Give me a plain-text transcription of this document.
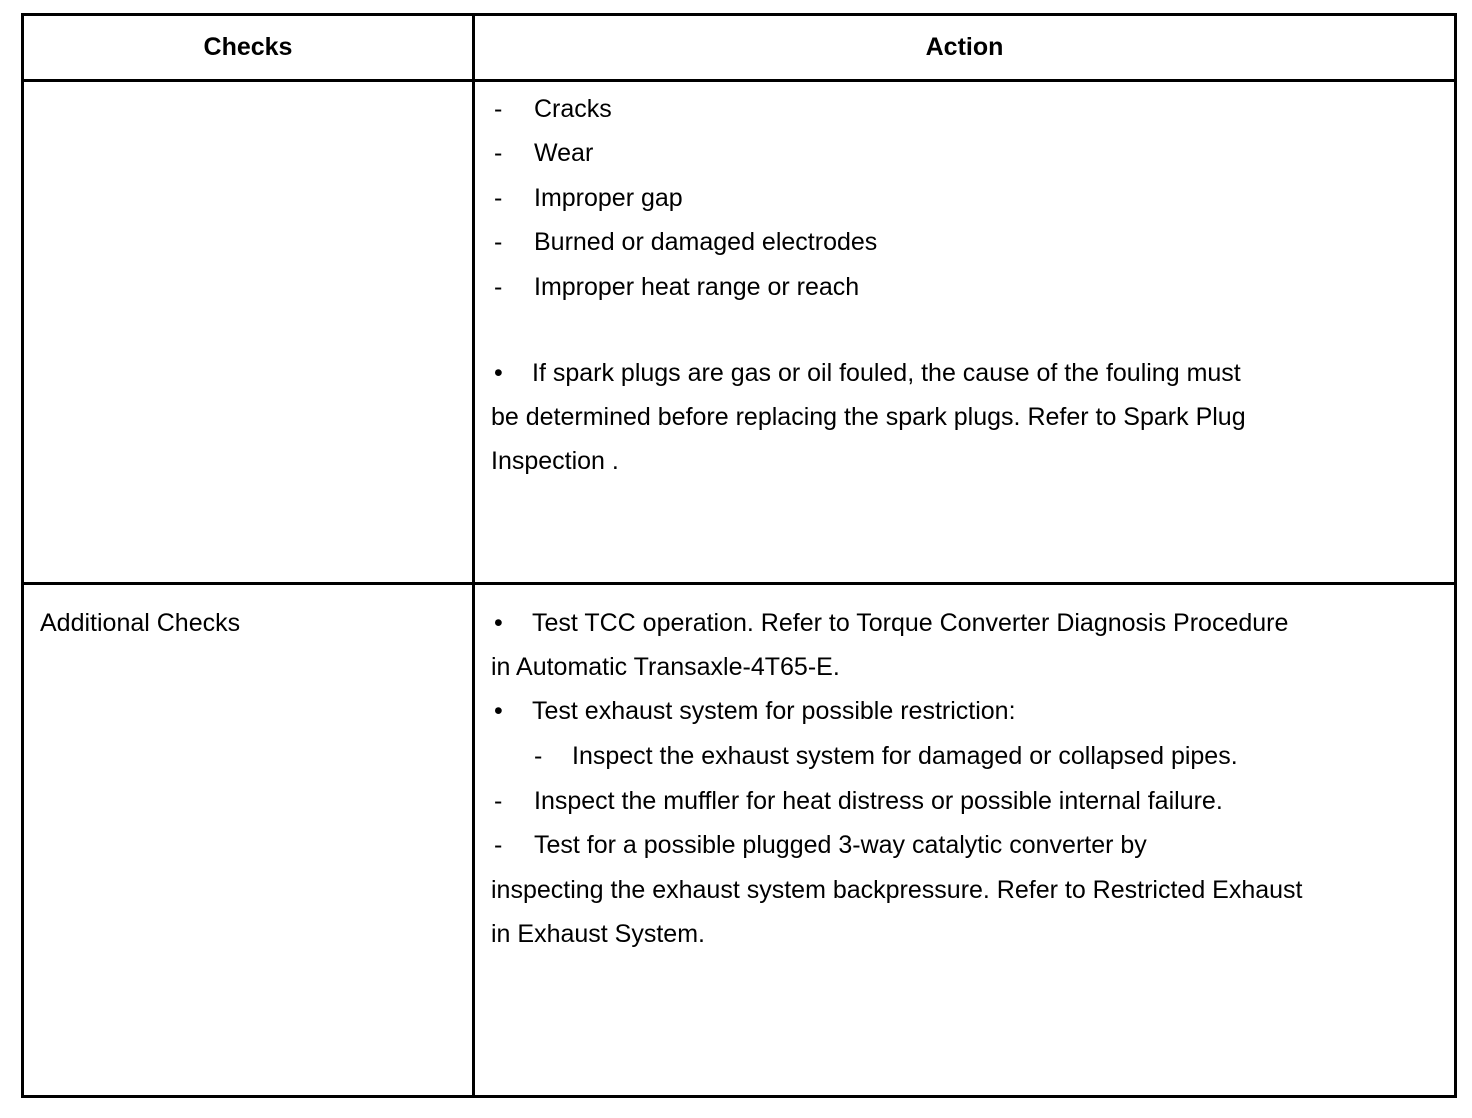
Checks	Action
- Cracks
- Wear
- Improper gap
- Burned or damaged electrodes
- Improper heat range or reach
• If spark plugs are gas or oil fouled, the cause of the fouling must
be determined before replacing the spark plugs. Refer to Spark Plug
Inspection .
Additional Checks	• Test TCC operation. Refer to Torque Converter Diagnosis Procedure
in Automatic Transaxle-4T65-E.
• Test exhaust system for possible restriction:
- Inspect the exhaust system for damaged or collapsed pipes.
- Inspect the muffler for heat distress or possible internal failure.
- Test for a possible plugged 3-way catalytic converter by
inspecting the exhaust system backpressure. Refer to Restricted Exhaust
in Exhaust System.
